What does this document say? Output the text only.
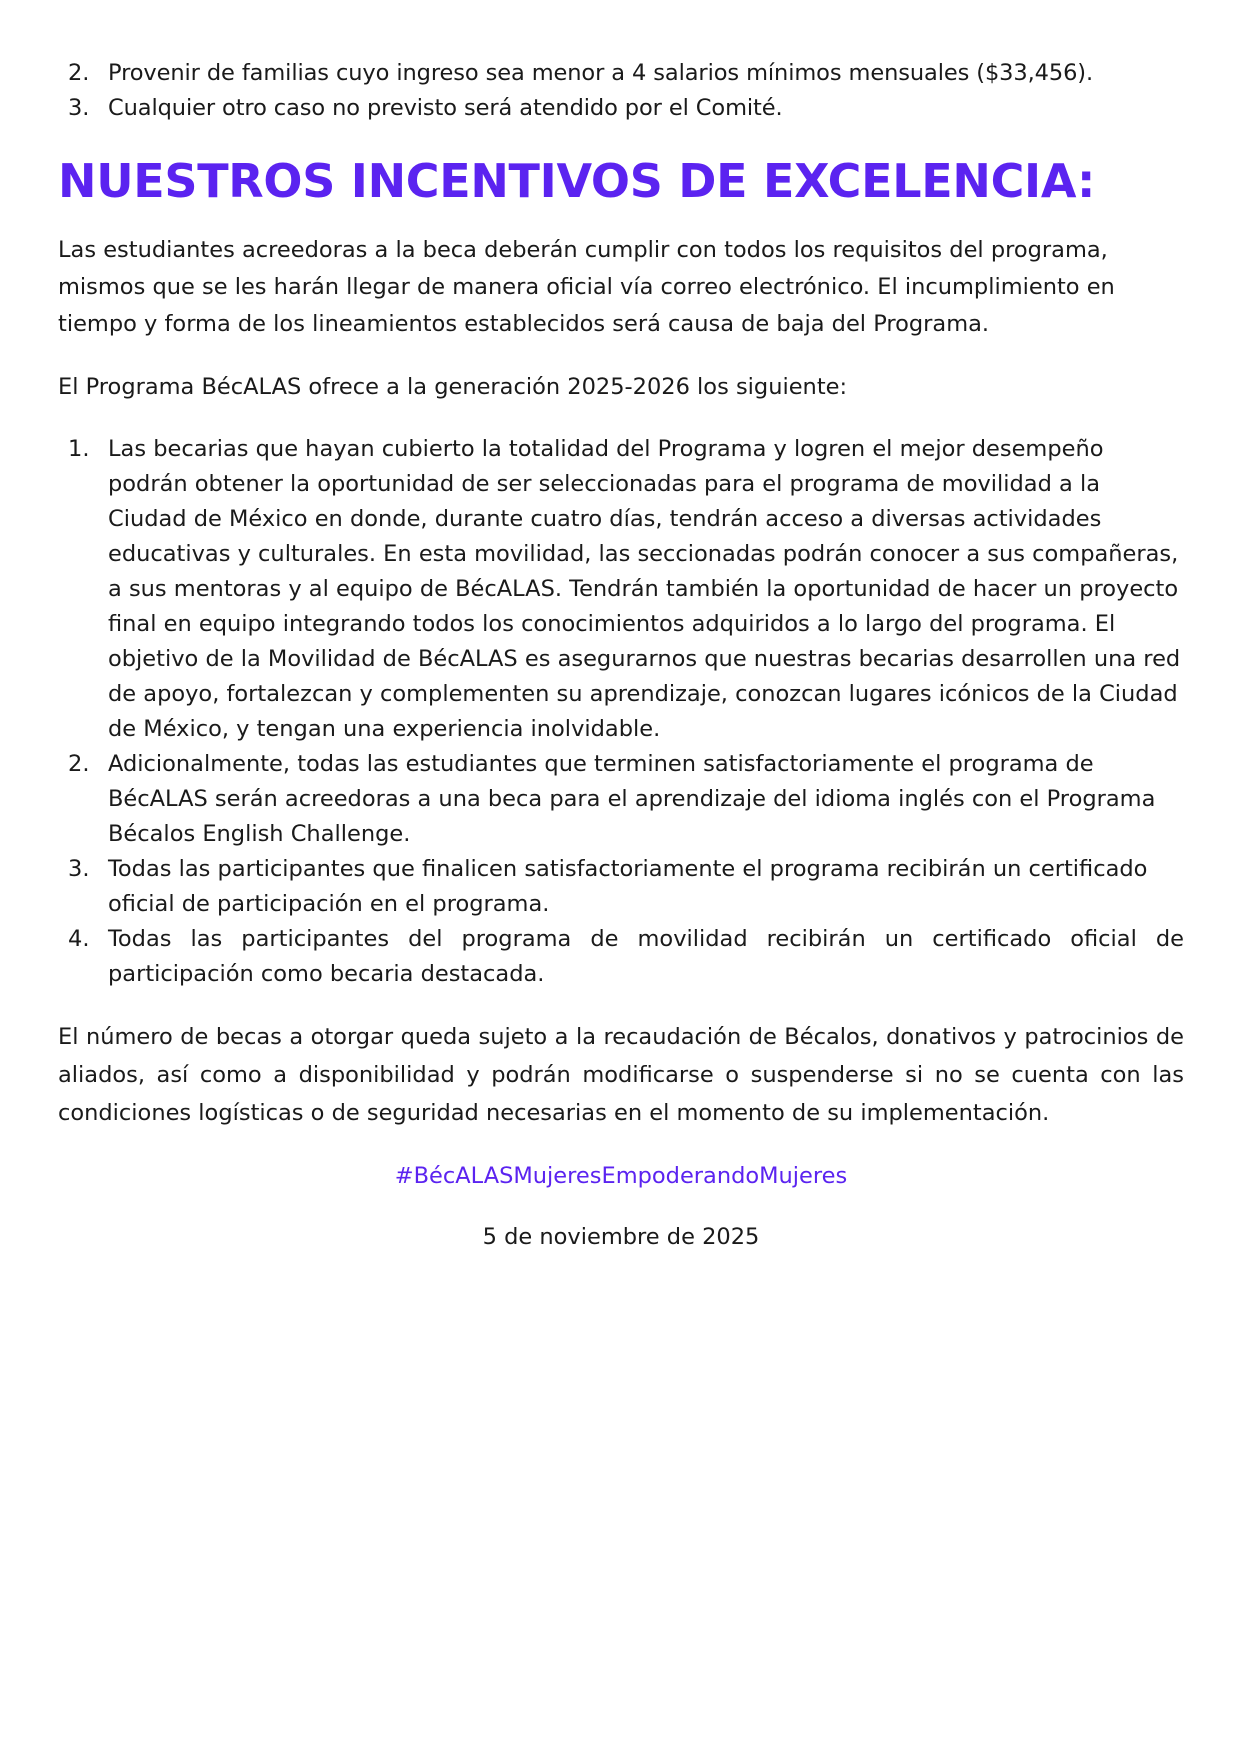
2. Provenir de familias cuyo ingreso sea menor a 4 salarios mínimos mensuales ($33,456).
3. Cualquier otro caso no previsto será atendido por el Comité.
NUESTROS INCENTIVOS DE EXCELENCIA:

Las estudiantes acreedoras a la beca deberán cumplir con todos los requisitos del programa, mismos que se les harán llegar de manera oficial vía correo electrónico. El incumplimiento en tiempo y forma de los lineamientos establecidos será causa de baja del Programa.

El Programa BécALAS ofrece a la generación 2025-2026 los siguiente:

1. Las becarias que hayan cubierto la totalidad del Programa y logren el mejor desempeño podrán obtener la oportunidad de ser seleccionadas para el programa de movilidad a la Ciudad de México en donde, durante cuatro días, tendrán acceso a diversas actividades educativas y culturales. En esta movilidad, las seccionadas podrán conocer a sus compañeras, a sus mentoras y al equipo de BécALAS. Tendrán también la oportunidad de hacer un proyecto final en equipo integrando todos los conocimientos adquiridos a lo largo del programa. El objetivo de la Movilidad de BécALAS es asegurarnos que nuestras becarias desarrollen una red de apoyo, fortalezcan y complementen su aprendizaje, conozcan lugares icónicos de la Ciudad de México, y tengan una experiencia inolvidable.
2. Adicionalmente, todas las estudiantes que terminen satisfactoriamente el programa de BécALAS serán acreedoras a una beca para el aprendizaje del idioma inglés con el Programa Bécalos English Challenge.
3. Todas las participantes que finalicen satisfactoriamente el programa recibirán un certificado oficial de participación en el programa.
4. Todas las participantes del programa de movilidad recibirán un certificado oficial de participación como becaria destacada.

El número de becas a otorgar queda sujeto a la recaudación de Bécalos, donativos y patrocinios de aliados, así como a disponibilidad y podrán modificarse o suspenderse si no se cuenta con las condiciones logísticas o de seguridad necesarias en el momento de su implementación.

#BécALASMujeresEmpoderandoMujeres

5 de noviembre de 2025
